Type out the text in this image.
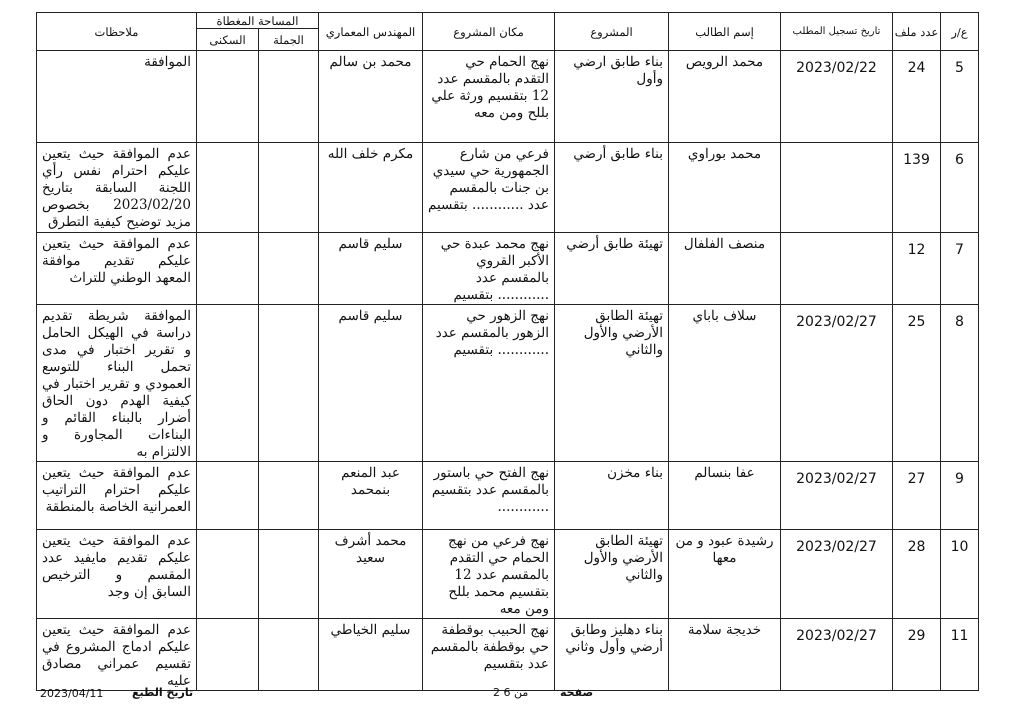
ع/ر	عدد ملف	تاريخ تسجيل المطلب	إسم الطالب	المشروع	مكان المشروع	المهندس المعماري	المساحة المغطاة		ملاحظات
							الجملة	السكنى	

5	24	2023/02/22	محمد الرويص	بناء طابق ارضي وأول	نهج الحمام حي التقدم بالمقسم عدد 12 بتقسيم ورثة علي بللح ومن معه	محمد بن سالم			الموافقة

6	139		محمد بوراوي	بناء طابق أرضي	فرعي من شارع الجمهورية حي سيدي بن جنات بالمقسم عدد ............ بتقسيم	مكرم خلف الله			عدم الموافقة حيث يتعين عليكم احترام نفس رأي اللجنة السابقة بتاريخ 2023/02/20 بخصوص مزيد توضيح كيفية التطرق

7	12		منصف الفلفال	تهيئة طابق أرضي	نهج محمد عبدة حي الأكبر القروي بالمقسم عدد ............ بتقسيم	سليم قاسم			عدم الموافقة حيث يتعين عليكم تقديم موافقة المعهد الوطني للتراث

8	25	2023/02/27	سلاف باباي	تهيئة الطابق الأرضي والأول والثاني	نهج الزهور حي الزهور بالمقسم عدد ............ بتقسيم	سليم قاسم			الموافقة شريطة تقديم دراسة في الهيكل الحامل و تقرير اختبار في مدى تحمل البناء للتوسع العمودي و تقرير اختبار في كيفية الهدم دون الحاق أضرار بالبناء القائم و البناءات المجاورة و الالتزام به

9	27	2023/02/27	عفا بنسالم	بناء مخزن	نهج الفتح حي باستور بالمقسم عدد بتقسيم ............	عبد المنعم بنمحمد			عدم الموافقة حيث يتعين عليكم احترام التراتيب العمرانية الخاصة بالمنطقة

10	28	2023/02/27	رشيدة عبود و من معها	تهيئة الطابق الأرضي والأول والثاني	نهج فرعي من نهج الحمام حي التقدم بالمقسم عدد 12 بتقسيم محمد بللح ومن معه	محمد أشرف سعيد			عدم الموافقة حيث يتعين عليكم تقديم مايفيد عدد المقسم و الترخيص السابق إن وجد

11	29	2023/02/27	خديجة سلامة	بناء دهليز وطابق أرضي وأول وثاني	نهج الحبيب بوقطفة حي بوقطفة بالمقسم عدد بتقسيم	سليم الخياطي			عدم الموافقة حيث يتعين عليكم ادماج المشروع في تقسيم عمراني مصادق عليه
2023/04/11	تاريخ الطبع	2 من 6	صفحة
